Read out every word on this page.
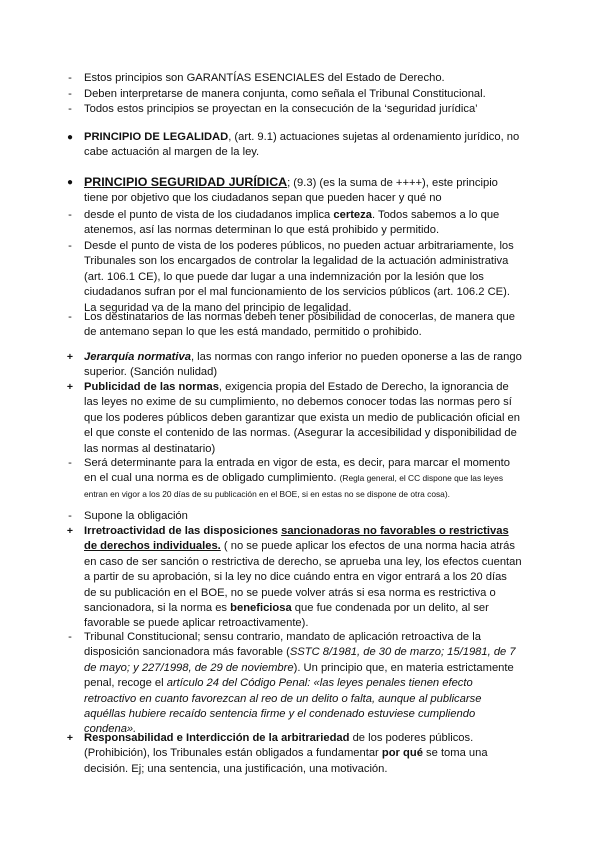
-	Estos principios son GARANTÍAS ESENCIALES del Estado de Derecho.
-	Deben interpretarse de manera conjunta, como señala el Tribunal Constitucional.
-	Todos estos principios se proyectan en la consecución de la ‘seguridad jurídica’
● PRINCIPIO DE LEGALIDAD, (art. 9.1) actuaciones sujetas al ordenamiento jurídico, no cabe actuación al margen de la ley.
● PRINCIPIO SEGURIDAD JURÍDICA; (9.3) (es la suma de ++++), este principio tiene por objetivo que los ciudadanos sepan que pueden hacer y qué no
-	desde el punto de vista de los ciudadanos implica certeza. Todos sabemos a lo que atenemos, así las normas determinan lo que está prohibido y permitido.
-	Desde el punto de vista de los poderes públicos, no pueden actuar arbitrariamente, los Tribunales son los encargados de controlar la legalidad de la actuación administrativa (art. 106.1 CE), lo que puede dar lugar a una indemnización por la lesión que los ciudadanos sufran por el mal funcionamiento de los servicios públicos (art. 106.2 CE). La seguridad va de la mano del principio de legalidad.
-	Los destinatarios de las normas deben tener posibilidad de conocerlas, de manera que de antemano sepan lo que les está mandado, permitido o prohibido.
+ Jerarquía normativa, las normas con rango inferior no pueden oponerse a las de rango superior. (Sanción nulidad)
+ Publicidad de las normas, exigencia propia del Estado de Derecho, la ignorancia de las leyes no exime de su cumplimiento, no debemos conocer todas las normas pero sí que los poderes públicos deben garantizar que exista un medio de publicación oficial en el que conste el contenido de las normas. (Asegurar la accesibilidad y disponibilidad de las normas al destinatario)
-	Será determinante para la entrada en vigor de esta, es decir, para marcar el momento en el cual una norma es de obligado cumplimiento. (Regla general, el CC dispone que las leyes entran en vigor a los 20 días de su publicación en el BOE, si en estas no se dispone de otra cosa).
-	Supone la obligación
+ Irretroactividad de las disposiciones sancionadoras no favorables o restrictivas de derechos individuales. ( no se puede aplicar los efectos de una norma hacia atrás en caso de ser sanción o restrictiva de derecho, se aprueba una ley, los efectos cuentan a partir de su aprobación, si la ley no dice cuándo entra en vigor entrará a los 20 días de su publicación en el BOE, no se puede volver atrás si esa norma es restrictiva o sancionadora, si la norma es beneficiosa que fue condenada por un delito, al ser favorable se puede aplicar retroactivamente).
-	Tribunal Constitucional; sensu contrario, mandato de aplicación retroactiva de la disposición sancionadora más favorable (SSTC 8/1981, de 30 de marzo; 15/1981, de 7 de mayo; y 227/1998, de 29 de noviembre). Un principio que, en materia estrictamente penal, recoge el artículo 24 del Código Penal: «las leyes penales tienen efecto retroactivo en cuanto favorezcan al reo de un delito o falta, aunque al publicarse aquéllas hubiere recaído sentencia firme y el condenado estuviese cumpliendo condena».
+ Responsabilidad e Interdicción de la arbitrariedad de los poderes públicos. (Prohibición), los Tribunales están obligados a fundamentar por qué se toma una decisión. Ej; una sentencia, una justificación, una motivación.
